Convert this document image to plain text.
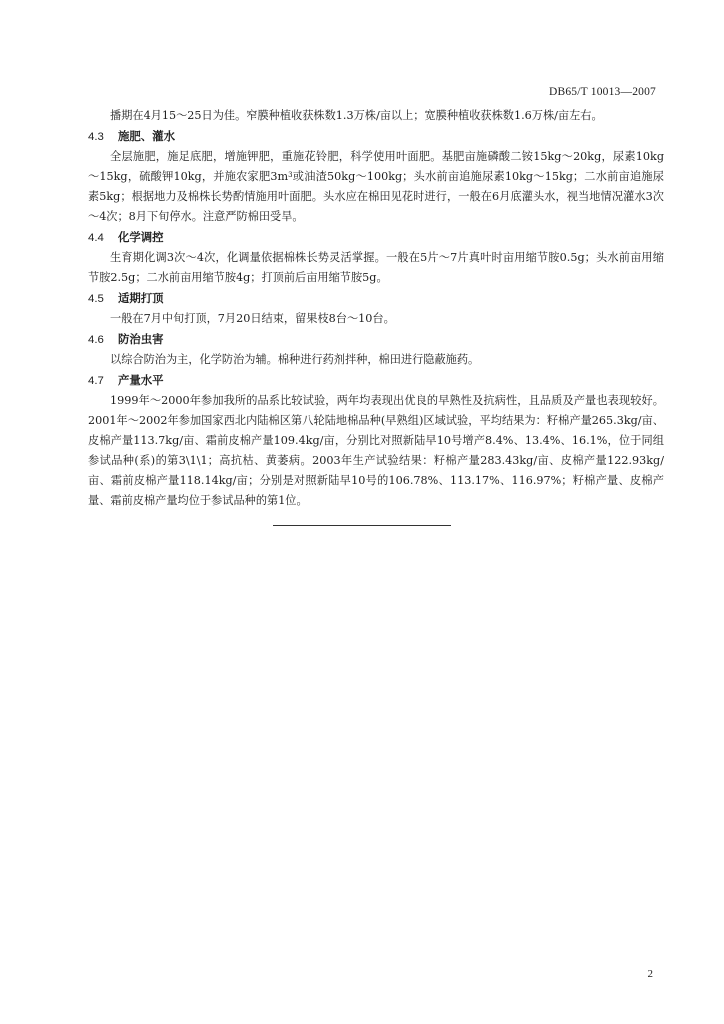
DB65/T 10013—2007

播期在4月15～25日为佳。窄膜种植收获株数1.3万株/亩以上；宽膜种植收获株数1.6万株/亩左右。

4.3 施肥、灌水

全层施肥，施足底肥，增施钾肥，重施花铃肥，科学使用叶面肥。基肥亩施磷酸二铵15kg～20kg，尿素10kg～15kg，硫酸钾10kg，并施农家肥$3m^3$或油渣50kg～100kg；头水前亩追施尿素10kg～15kg；二水前亩追施尿素5kg；根据地力及棉株长势酌情施用叶面肥。头水应在棉田见花时进行，一般在6月底灌头水，视当地情况灌水3次～4次；8月下旬停水。注意严防棉田受旱。

4.4 化学调控

生育期化调3次～4次，化调量依据棉株长势灵活掌握。一般在5片～7片真叶时亩用缩节胺0.5g；头水前亩用缩节胺2.5g；二水前亩用缩节胺4g；打顶前后亩用缩节胺5g。

4.5 适期打顶

一般在7月中旬打顶，7月20日结束，留果枝8台～10台。

4.6 防治虫害

以综合防治为主，化学防治为辅。棉种进行药剂拌种，棉田进行隐蔽施药。

4.7 产量水平

1999年～2000年参加我所的品系比较试验，两年均表现出优良的早熟性及抗病性，且品质及产量也表现较好。2001年～2002年参加国家西北内陆棉区第八轮陆地棉品种(早熟组)区域试验，平均结果为：籽棉产量265.3kg/亩、皮棉产量113.7kg/亩、霜前皮棉产量109.4kg/亩，分别比对照新陆早10号增产8.4%、13.4%、16.1%，位于同组参试品种(系)的第3\1\1；高抗枯、黄萎病。2003年生产试验结果：籽棉产量283.43kg/亩、皮棉产量122.93kg/亩、霜前皮棉产量118.14kg/亩；分别是对照新陆早10号的106.78%、113.17%、116.97%；籽棉产量、皮棉产量、霜前皮棉产量均位于参试品种的第1位。

2
